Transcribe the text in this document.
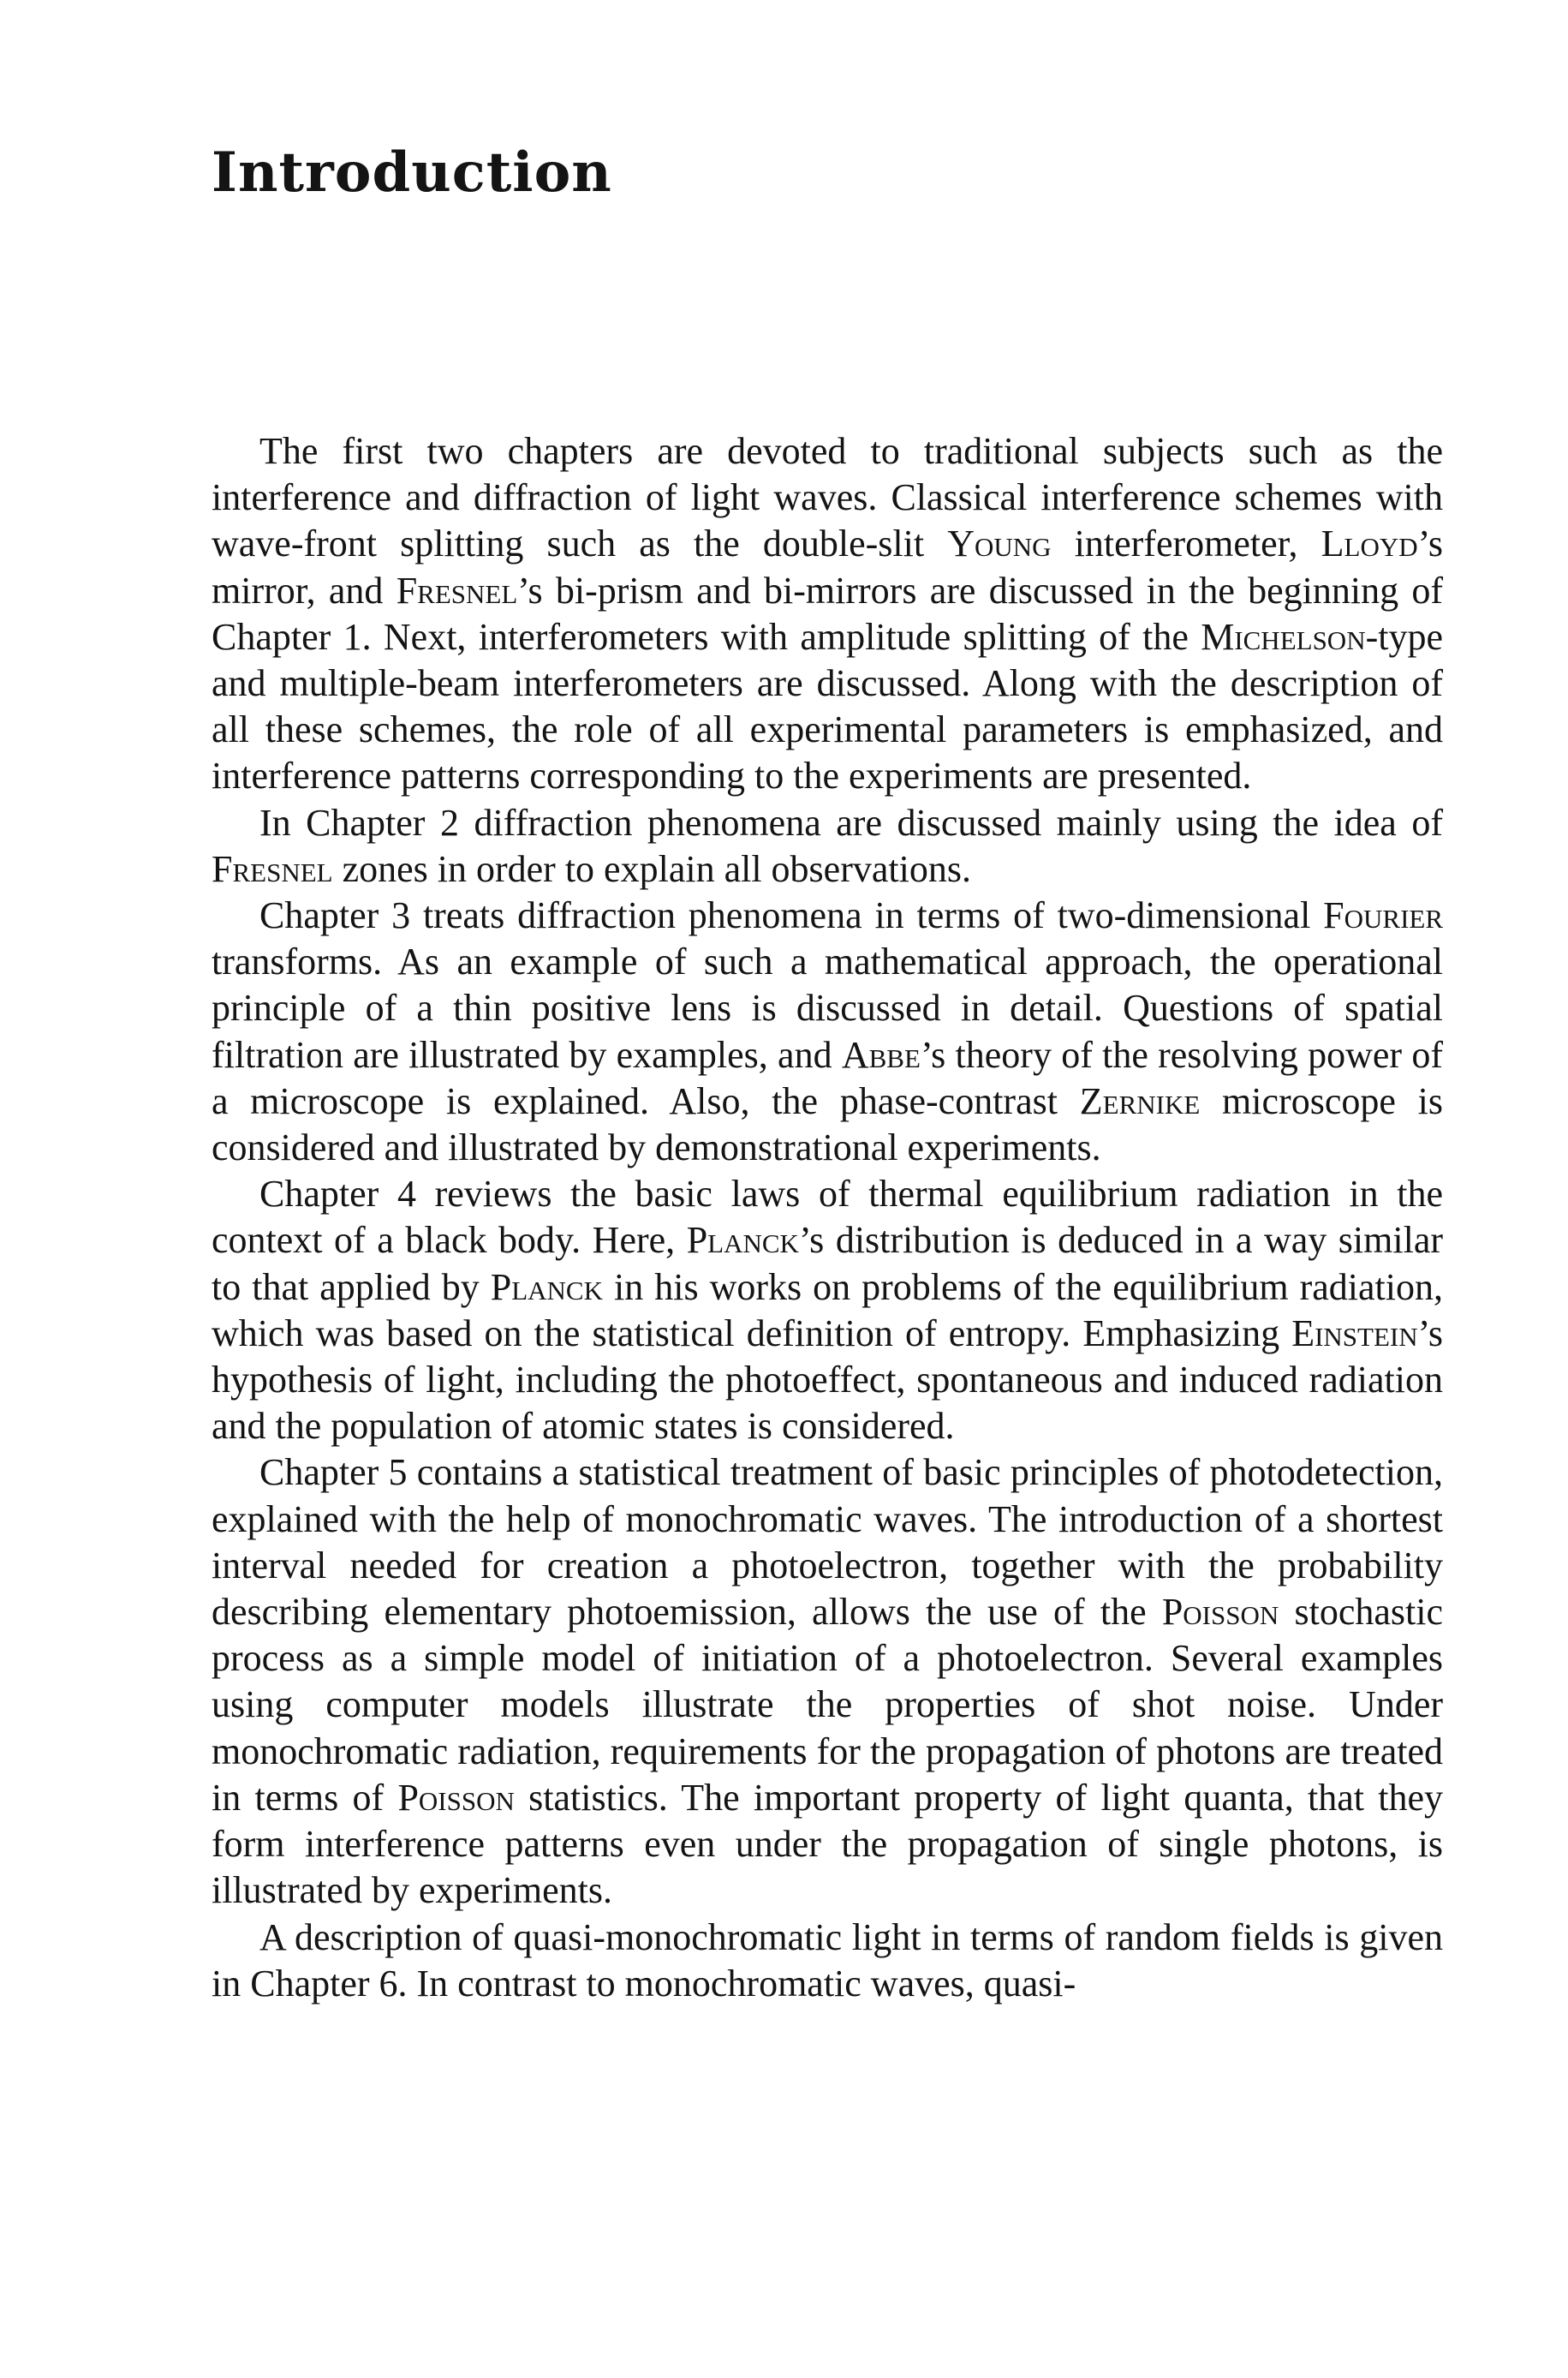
Introduction

The first two chapters are devoted to traditional subjects such as the interference and diffraction of light waves. Classical interference schemes with wave-front splitting such as the double-slit Young interferometer, Lloyd’s mirror, and Fresnel’s bi-prism and bi-mirrors are discussed in the beginning of Chapter 1. Next, interferometers with amplitude splitting of the Michelson-type and multiple-beam interferometers are discussed. Along with the description of all these schemes, the role of all experimental parameters is emphasized, and interference patterns corresponding to the experiments are presented.

In Chapter 2 diffraction phenomena are discussed mainly using the idea of Fresnel zones in order to explain all observations.

Chapter 3 treats diffraction phenomena in terms of two-dimensional Fourier transforms. As an example of such a mathematical approach, the operational principle of a thin positive lens is discussed in detail. Questions of spatial filtration are illustrated by examples, and Abbe’s theory of the resolving power of a microscope is explained. Also, the phase-contrast Zernike microscope is considered and illustrated by demonstrational experiments.

Chapter 4 reviews the basic laws of thermal equilibrium radiation in the context of a black body. Here, Planck’s distribution is deduced in a way similar to that applied by Planck in his works on problems of the equilibrium radiation, which was based on the statistical definition of entropy. Emphasizing Einstein’s hypothesis of light, including the photoeffect, spontaneous and induced radiation and the population of atomic states is considered.

Chapter 5 contains a statistical treatment of basic principles of photodetection, explained with the help of monochromatic waves. The introduction of a shortest interval needed for creation a photoelectron, together with the probability describing elementary photoemission, allows the use of the Poisson stochastic process as a simple model of initiation of a photoelectron. Several examples using computer models illustrate the properties of shot noise. Under monochromatic radiation, requirements for the propagation of photons are treated in terms of Poisson statistics. The important property of light quanta, that they form interference patterns even under the propagation of single photons, is illustrated by experiments.

A description of quasi-monochromatic light in terms of random fields is given in Chapter 6. In contrast to monochromatic waves, quasi-
